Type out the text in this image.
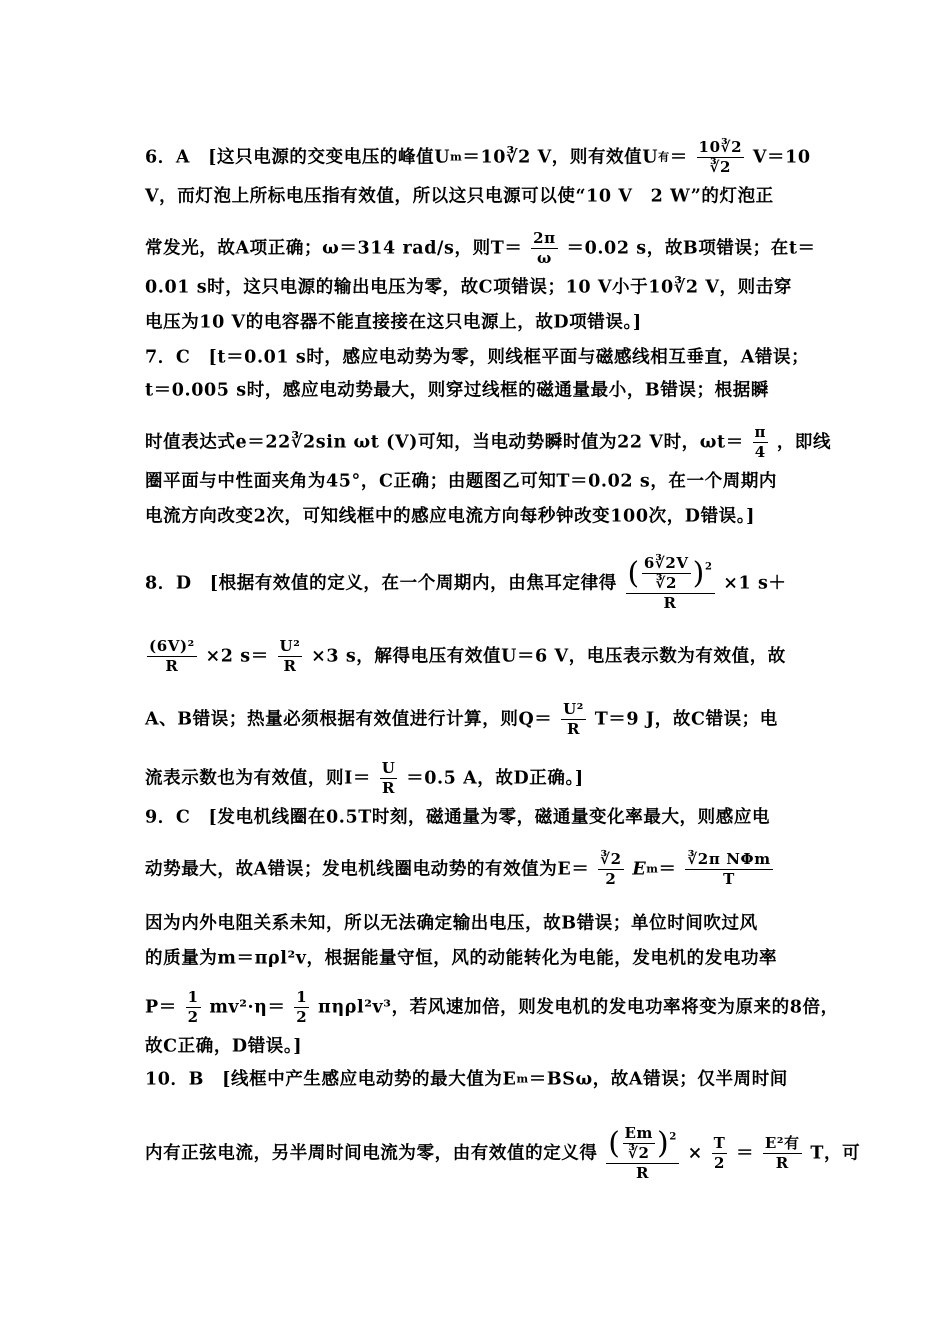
6．A　[这只电源的交变电压的峰值Um＝10∛2 V，则有效值U有＝ $\frac{10∛2}{∛2} V=10$
V，而灯泡上所标电压指有效值，所以这只电源可以使“10 V　2 W”的灯泡正
常发光，故A项正确；ω＝314 rad/s，则$T= \frac{2\pi}{\omega} =0.02$ s，故B项错误；在t＝
0.01 s时，这只电源的输出电压为零，故C项错误；10 V小于10∛2 V，则击穿
电压为10 V的电容器不能直接接在这只电源上，故D项错误。]
7．C　[t＝0.01 s时，感应电动势为零，则线框平面与磁感线相互垂直，A错误；
t＝0.005 s时，感应电动势最大，则穿过线框的磁通量最小，B错误；根据瞬
时值表达式e＝22∛2sin ωt (V)可知，当电动势瞬时值为22 V时，$\omega t= \frac{\pi}{4}$ ，即线
圈平面与中性面夹角为45°，C正确；由题图乙可知T＝0.02 s，在一个周期内
电流方向改变2次，可知线框中的感应电流方向每秒钟改变100次，D错误。]
8．D　[根据有效值的定义，在一个周期内，由焦耳定律得 $\frac{( \frac{6∛2V}{∛2} )^2}{R} \times 1$ s＋
$\frac{\text{(6V)²}}{R} \times 2$ $s= \frac{\text{U²}}{R} \times 3$ s，解得电压有效值U＝6 V，电压表示数为有效值，故
A、B错误；热量必须根据有效值进行计算，则$Q= \frac{\text{U²}}{R} T=9$ J，故C错误；电
流表示数也为有效值，则$I= \frac{U}{R} =0.5$ A，故D正确。]
9．C　[发电机线圈在0.5T时刻，磁通量为零，磁通量变化率最大，则感应电
动势最大，故A错误；发电机线圈电动势的有效值为$E= \frac{∛2}{2} Em= \frac{\text{∛2π NΦm}}{T}$
因为内外电阻关系未知，所以无法确定输出电压，故B错误；单位时间吹过风
的质量为m＝πρl²v，根据能量守恒，风的动能转化为电能，发电机的发电功率
$P= \frac{1}{2} mv^2\cdot\eta= \frac{1}{2} \pi\eta\rho l^2v^3$，若风速加倍，则发电机的发电功率将变为原来的8倍，
故C正确，D错误。]
10．B　[线框中产生感应电动势的最大值为Em＝BSω，故A错误；仅半周时间
内有正弦电流，另半周时间电流为零，由有效值的定义得 $\frac{( \frac{Em}{∛2} )^2}{R} \times \frac{T}{2} = \frac{\text{E²有}}{R}$ T，可
